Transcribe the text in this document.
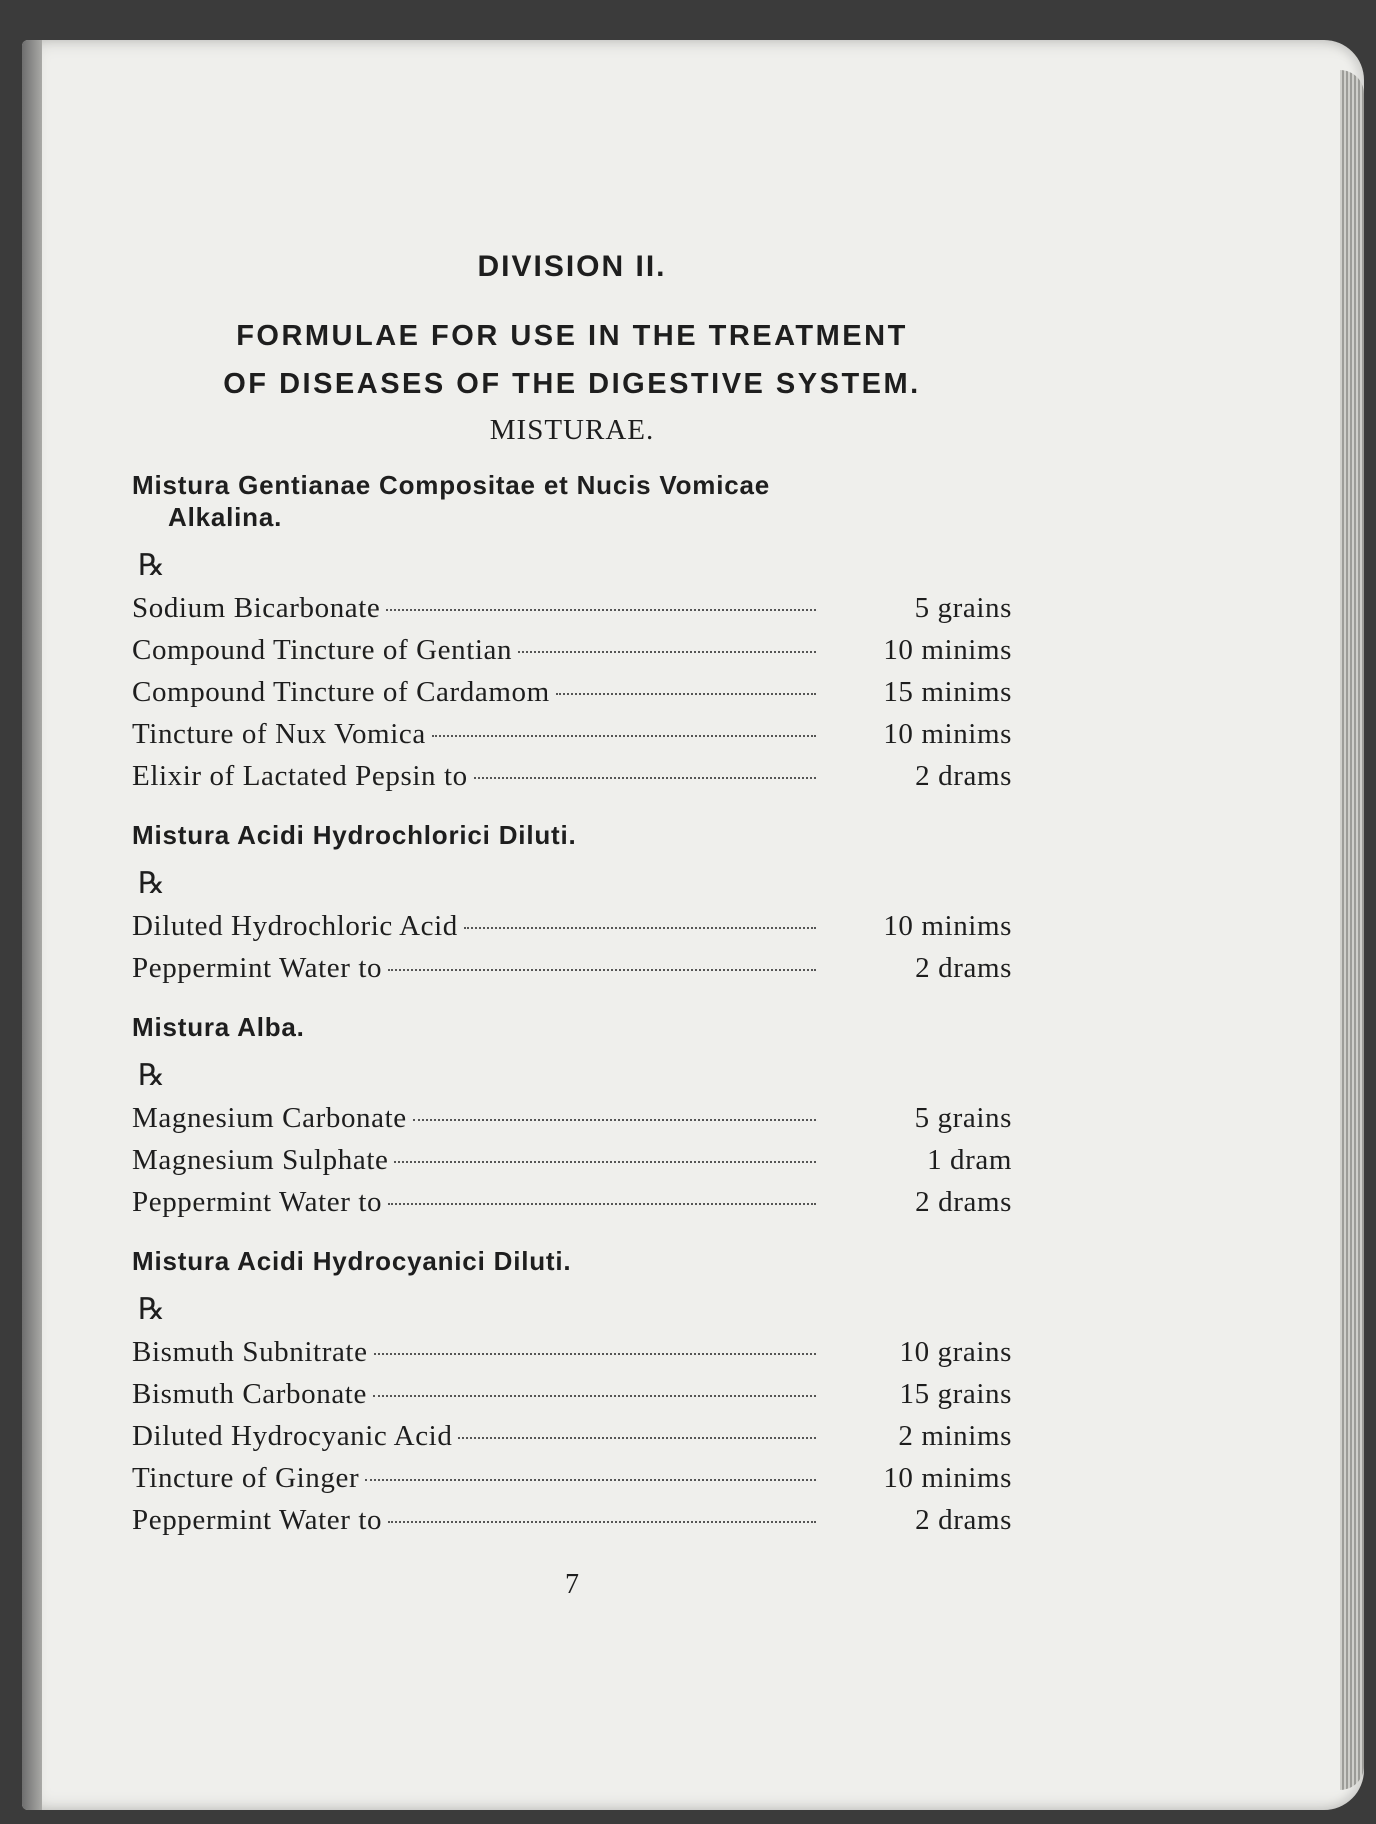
DIVISION II.
FORMULAE FOR USE IN THE TREATMENT
OF DISEASES OF THE DIGESTIVE SYSTEM.
MISTURAE.
Mistura Gentianae Compositae et Nucis Vomicae
Alkalina.
℞
Sodium Bicarbonate	5 grains
Compound Tincture of Gentian	10 minims
Compound Tincture of Cardamom	15 minims
Tincture of Nux Vomica	10 minims
Elixir of Lactated Pepsin to	2 drams
Mistura Acidi Hydrochlorici Diluti.
℞
Diluted Hydrochloric Acid	10 minims
Peppermint Water to	2 drams
Mistura Alba.
℞
Magnesium Carbonate	5 grains
Magnesium Sulphate	1 dram
Peppermint Water to	2 drams
Mistura Acidi Hydrocyanici Diluti.
℞
Bismuth Subnitrate	10 grains
Bismuth Carbonate	15 grains
Diluted Hydrocyanic Acid	2 minims
Tincture of Ginger	10 minims
Peppermint Water to	2 drams
7
